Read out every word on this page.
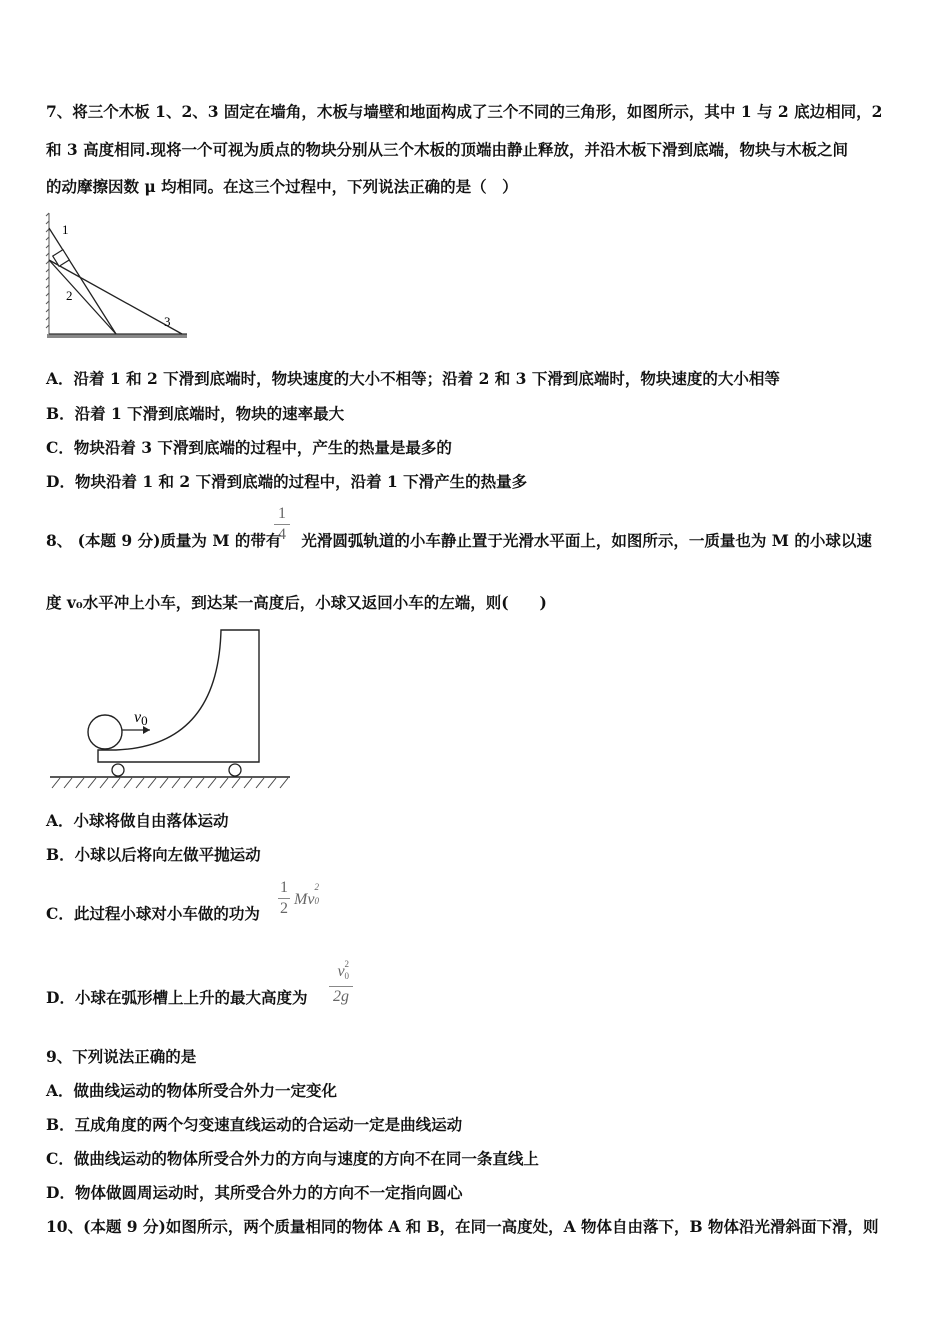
7、将三个木板 1、2、3 固定在墙角，木板与墙壁和地面构成了三个不同的三角形，如图所示，其中 1 与 2 底边相同，2
和 3 高度相同.现将一个可视为质点的物块分别从三个木板的顶端由静止释放，并沿木板下滑到底端，物块与木板之间
的动摩擦因数 μ 均相同。在这三个过程中，下列说法正确的是（　）
1
2
3
A．沿着 1 和 2 下滑到底端时，物块速度的大小不相等；沿着 2 和 3 下滑到底端时，物块速度的大小相等
B．沿着 1 下滑到底端时，物块的速率最大
C．物块沿着 3 下滑到底端的过程中，产生的热量是最多的
D．物块沿着 1 和 2 下滑到底端的过程中，沿着 1 下滑产生的热量多
8、 (本题 9 分)质量为 M 的带有 光滑圆弧轨道的小车静止置于光滑水平面上，如图所示，一质量也为 M 的小球以速
1
4
度 v₀水平冲上小车，到达某一高度后，小球又返回小车的左端，则(　　)
v0
A．小球将做自由落体运动
B．小球以后将向左做平抛运动
C．此过程小球对小车做的功为
1
2
Mv
2
0
D．小球在弧形槽上上升的最大高度为
v 2
0
2g
9、下列说法正确的是
A．做曲线运动的物体所受合外力一定变化
B．互成角度的两个匀变速直线运动的合运动一定是曲线运动
C．做曲线运动的物体所受合外力的方向与速度的方向不在同一条直线上
D．物体做圆周运动时，其所受合外力的方向不一定指向圆心
10、(本题 9 分)如图所示，两个质量相同的物体 A 和 B，在同一高度处，A 物体自由落下，B 物体沿光滑斜面下滑，则
